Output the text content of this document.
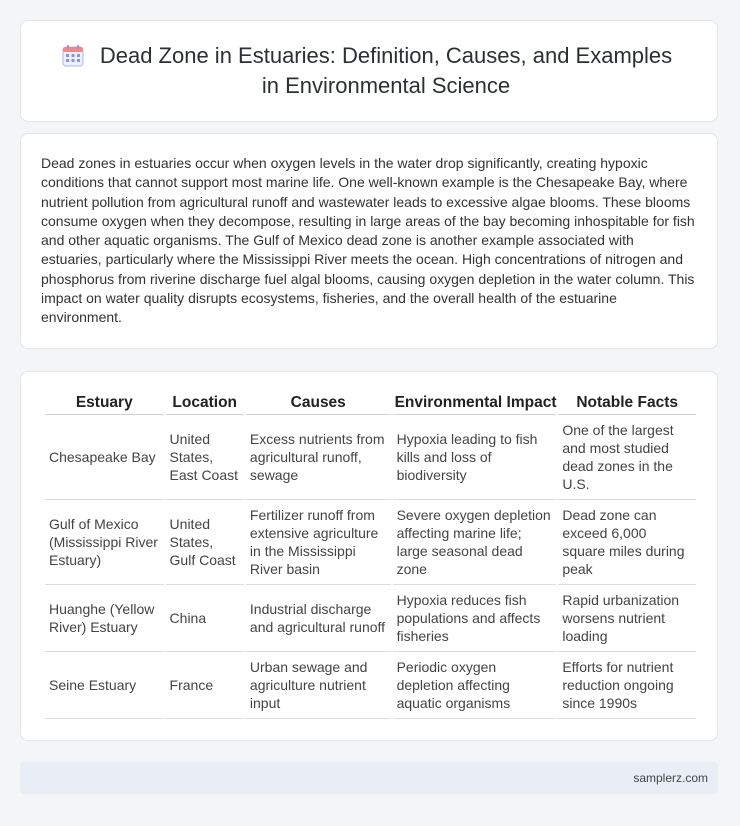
Dead Zone in Estuaries: Definition, Causes, and Examples in Environmental Science

Dead zones in estuaries occur when oxygen levels in the water drop significantly, creating hypoxic conditions that cannot support most marine life. One well-known example is the Chesapeake Bay, where nutrient pollution from agricultural runoff and wastewater leads to excessive algae blooms. These blooms consume oxygen when they decompose, resulting in large areas of the bay becoming inhospitable for fish and other aquatic organisms. The Gulf of Mexico dead zone is another example associated with estuaries, particularly where the Mississippi River meets the ocean. High concentrations of nitrogen and phosphorus from riverine discharge fuel algal blooms, causing oxygen depletion in the water column. This impact on water quality disrupts ecosystems, fisheries, and the overall health of the estuarine environment.

Estuary	Location	Causes	Environmental Impact	Notable Facts
Chesapeake Bay	United States, East Coast	Excess nutrients from agricultural runoff, sewage	Hypoxia leading to fish kills and loss of biodiversity	One of the largest and most studied dead zones in the U.S.
Gulf of Mexico (Mississippi River Estuary)	United States, Gulf Coast	Fertilizer runoff from extensive agriculture in the Mississippi River basin	Severe oxygen depletion affecting marine life; large seasonal dead zone	Dead zone can exceed 6,000 square miles during peak
Huanghe (Yellow River) Estuary	China	Industrial discharge and agricultural runoff	Hypoxia reduces fish populations and affects fisheries	Rapid urbanization worsens nutrient loading
Seine Estuary	France	Urban sewage and agriculture nutrient input	Periodic oxygen depletion affecting aquatic organisms	Efforts for nutrient reduction ongoing since 1990s
samplerz.com
